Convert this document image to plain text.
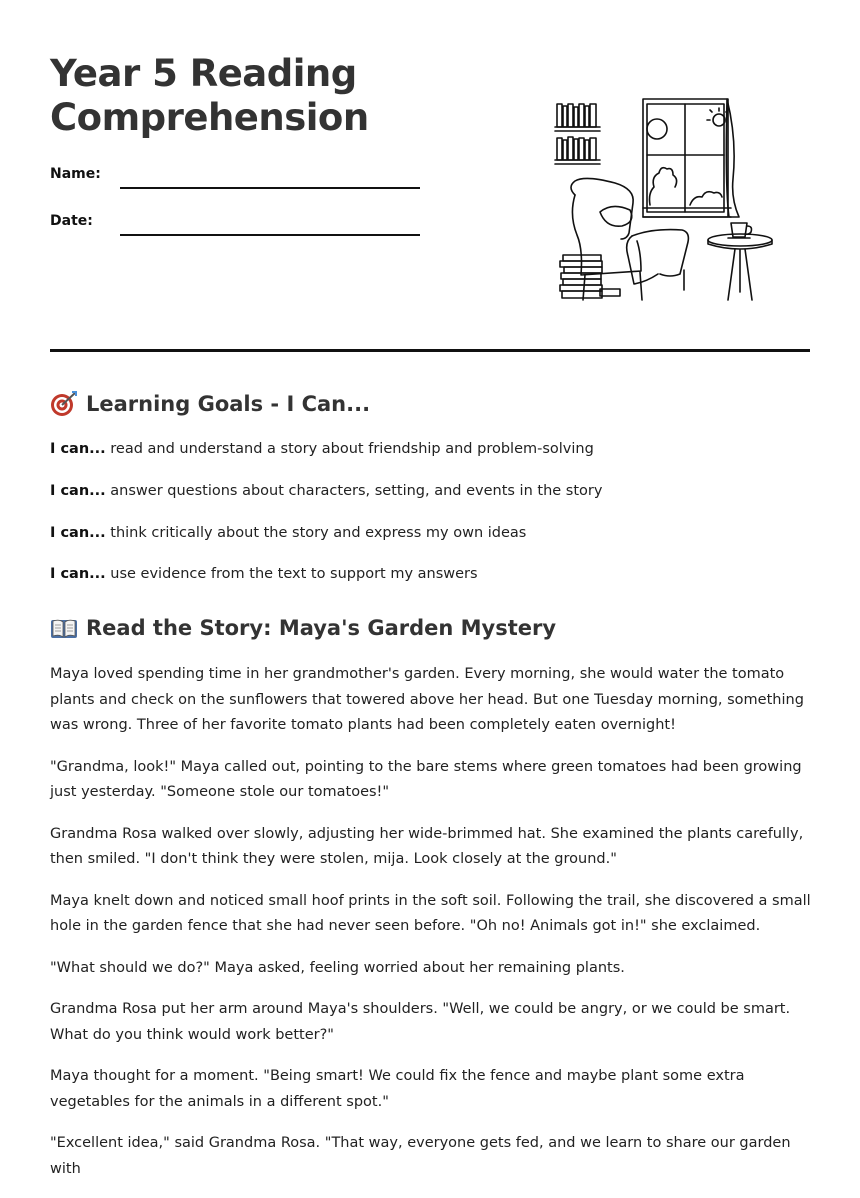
Year 5 Reading
Comprehension
Name:
Date:
Learning Goals - I Can...

I can... read and understand a story about friendship and problem-solving

I can... answer questions about characters, setting, and events in the story

I can... think critically about the story and express my own ideas

I can... use evidence from the text to support my answers

Read the Story: Maya's Garden Mystery

Maya loved spending time in her grandmother's garden. Every morning, she would water the tomato plants and check on the sunflowers that towered above her head. But one Tuesday morning, something was wrong. Three of her favorite tomato plants had been completely eaten overnight!

"Grandma, look!" Maya called out, pointing to the bare stems where green tomatoes had been growing just yesterday. "Someone stole our tomatoes!"

Grandma Rosa walked over slowly, adjusting her wide-brimmed hat. She examined the plants carefully, then smiled. "I don't think they were stolen, mija. Look closely at the ground."

Maya knelt down and noticed small hoof prints in the soft soil. Following the trail, she discovered a small hole in the garden fence that she had never seen before. "Oh no! Animals got in!" she exclaimed.

"What should we do?" Maya asked, feeling worried about her remaining plants.

Grandma Rosa put her arm around Maya's shoulders. "Well, we could be angry, or we could be smart. What do you think would work better?"

Maya thought for a moment. "Being smart! We could fix the fence and maybe plant some extra vegetables for the animals in a different spot."

"Excellent idea," said Grandma Rosa. "That way, everyone gets fed, and we learn to share our garden with
